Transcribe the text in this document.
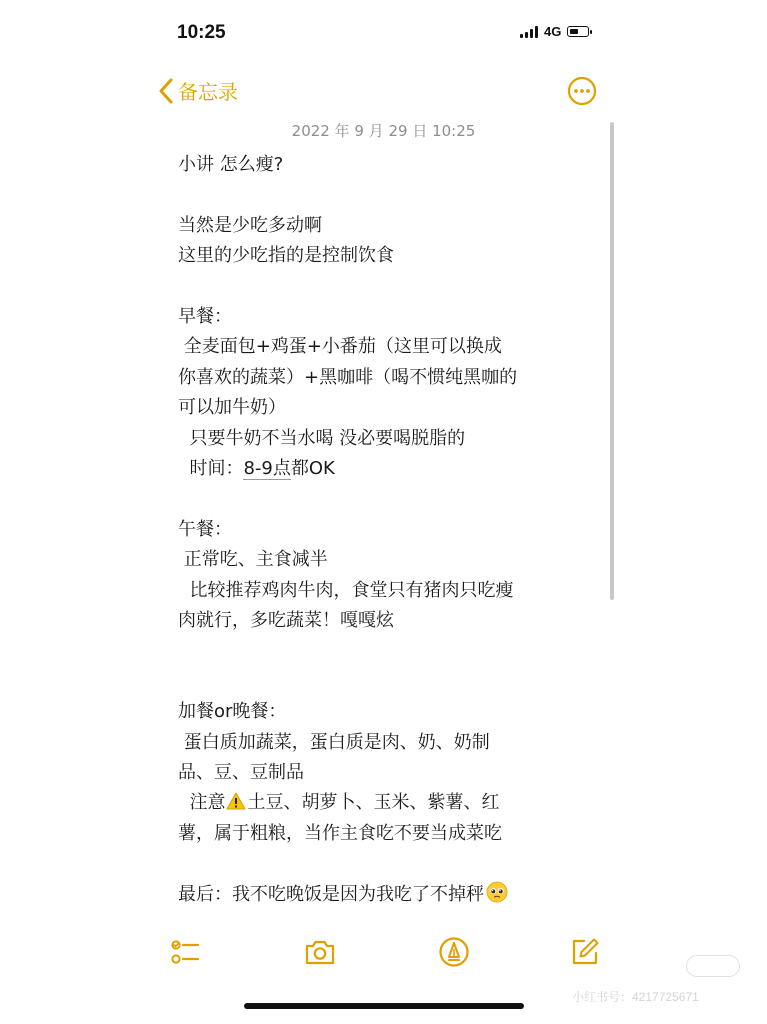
10:25	4G
备忘录
2022 年 9 月 29 日 10:25

小讲 怎么瘦?

当然是少吃多动啊

这里的少吃指的是控制饮食

早餐：

全麦面包+鸡蛋+小番茄（这里可以换成

你喜欢的蔬菜）+黑咖啡（喝不惯纯黑咖的

可以加牛奶）

只要牛奶不当水喝 没必要喝脱脂的

时间：8-9点都OK

午餐：

正常吃、主食减半

比较推荐鸡肉牛肉，食堂只有猪肉只吃瘦

肉就行，多吃蔬菜！嘎嘎炫

加餐or晚餐：

蛋白质加蔬菜，蛋白质是肉、奶、奶制

品、豆、豆制品

注意 土豆、胡萝卜、玉米、紫薯、红

薯，属于粗粮，当作主食吃不要当成菜吃

最后：我不吃晚饭是因为我吃了不掉秤

小红书号：4217725671
